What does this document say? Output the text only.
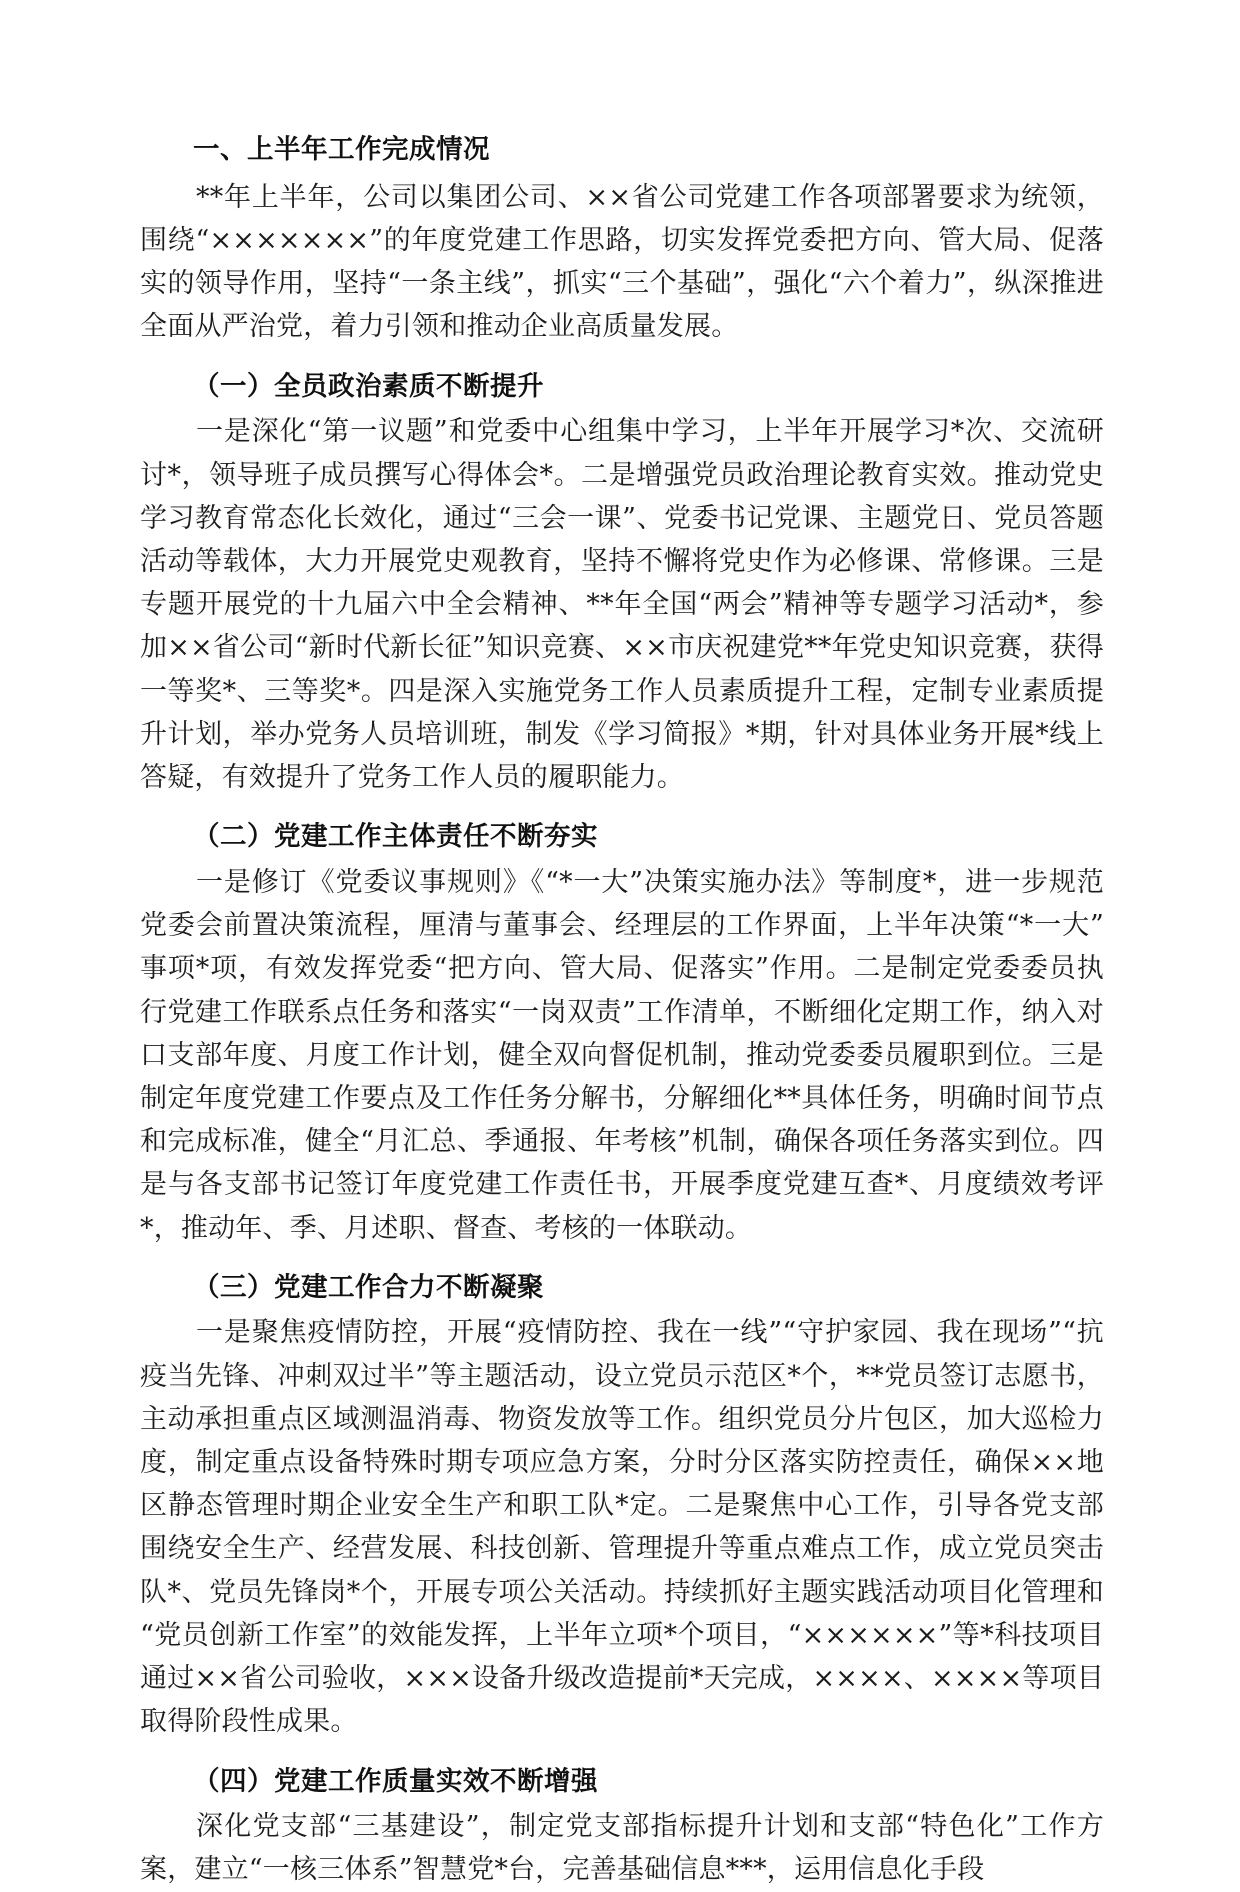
一、上半年工作完成情况

**年上半年，公司以集团公司、××省公司党建工作各项部署要求为统领，围绕“×××××××”的年度党建工作思路，切实发挥党委把方向、管大局、促落实的领导作用，坚持“一条主线”，抓实“三个基础”，强化“六个着力”，纵深推进全面从严治党，着力引领和推动企业高质量发展。

（一）全员政治素质不断提升

一是深化“第一议题”和党委中心组集中学习，上半年开展学习*次、交流研讨*，领导班子成员撰写心得体会*。二是增强党员政治理论教育实效。推动党史学习教育常态化长效化，通过“三会一课”、党委书记党课、主题党日、党员答题活动等载体，大力开展党史观教育，坚持不懈将党史作为必修课、常修课。三是专题开展党的十九届六中全会精神、**年全国“两会”精神等专题学习活动*，参加××省公司“新时代新长征”知识竞赛、××市庆祝建党**年党史知识竞赛，获得一等奖*、三等奖*。四是深入实施党务工作人员素质提升工程，定制专业素质提升计划，举办党务人员培训班，制发《学习简报》*期，针对具体业务开展*线上答疑，有效提升了党务工作人员的履职能力。

（二）党建工作主体责任不断夯实

一是修订《党委议事规则》《“*一大”决策实施办法》等制度*，进一步规范党委会前置决策流程，厘清与董事会、经理层的工作界面，上半年决策“*一大”事项*项，有效发挥党委“把方向、管大局、促落实”作用。二是制定党委委员执行党建工作联系点任务和落实“一岗双责”工作清单，不断细化定期工作，纳入对口支部年度、月度工作计划，健全双向督促机制，推动党委委员履职到位。三是制定年度党建工作要点及工作任务分解书，分解细化**具体任务，明确时间节点和完成标准，健全“月汇总、季通报、年考核”机制，确保各项任务落实到位。四是与各支部书记签订年度党建工作责任书，开展季度党建互查*、月度绩效考评*，推动年、季、月述职、督查、考核的一体联动。

（三）党建工作合力不断凝聚

一是聚焦疫情防控，开展“疫情防控、我在一线”“守护家园、我在现场”“抗疫当先锋、冲刺双过半”等主题活动，设立党员示范区*个，**党员签订志愿书，主动承担重点区域测温消毒、物资发放等工作。组织党员分片包区，加大巡检力度，制定重点设备特殊时期专项应急方案，分时分区落实防控责任，确保××地区静态管理时期企业安全生产和职工队*定。二是聚焦中心工作，引导各党支部围绕安全生产、经营发展、科技创新、管理提升等重点难点工作，成立党员突击队*、党员先锋岗*个，开展专项公关活动。持续抓好主题实践活动项目化管理和“党员创新工作室”的效能发挥，上半年立项*个项目，“××××××”等*科技项目通过××省公司验收，×××设备升级改造提前*天完成，××××、××××等项目取得阶段性成果。

（四）党建工作质量实效不断增强

深化党支部“三基建设”，制定党支部指标提升计划和支部“特色化”工作方案，建立“一核三体系”智慧党*台，完善基础信息***，运用信息化手段
